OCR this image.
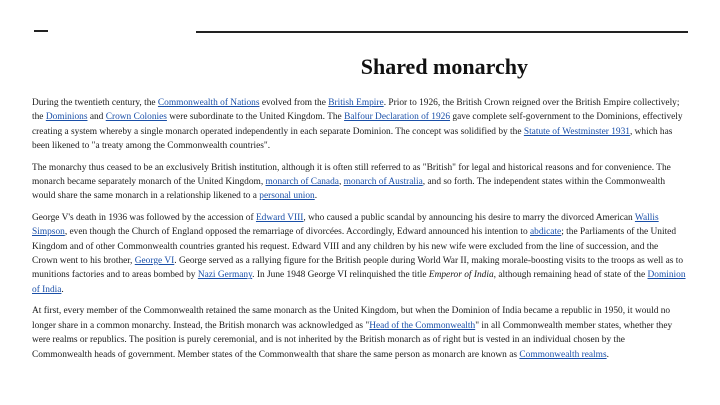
Shared monarchy

During the twentieth century, the Commonwealth of Nations evolved from the British Empire. Prior to 1926, the British Crown reigned over the British Empire collectively; the Dominions and Crown Colonies were subordinate to the United Kingdom. The Balfour Declaration of 1926 gave complete self-government to the Dominions, effectively creating a system whereby a single monarch operated independently in each separate Dominion. The concept was solidified by the Statute of Westminster 1931, which has been likened to "a treaty among the Commonwealth countries".

The monarchy thus ceased to be an exclusively British institution, although it is often still referred to as "British" for legal and historical reasons and for convenience. The monarch became separately monarch of the United Kingdom, monarch of Canada, monarch of Australia, and so forth. The independent states within the Commonwealth would share the same monarch in a relationship likened to a personal union.

George V's death in 1936 was followed by the accession of Edward VIII, who caused a public scandal by announcing his desire to marry the divorced American Wallis Simpson, even though the Church of England opposed the remarriage of divorcées. Accordingly, Edward announced his intention to abdicate; the Parliaments of the United Kingdom and of other Commonwealth countries granted his request. Edward VIII and any children by his new wife were excluded from the line of succession, and the Crown went to his brother, George VI. George served as a rallying figure for the British people during World War II, making morale-boosting visits to the troops as well as to munitions factories and to areas bombed by Nazi Germany. In June 1948 George VI relinquished the title Emperor of India, although remaining head of state of the Dominion of India.

At first, every member of the Commonwealth retained the same monarch as the United Kingdom, but when the Dominion of India became a republic in 1950, it would no longer share in a common monarchy. Instead, the British monarch was acknowledged as "Head of the Commonwealth" in all Commonwealth member states, whether they were realms or republics. The position is purely ceremonial, and is not inherited by the British monarch as of right but is vested in an individual chosen by the Commonwealth heads of government. Member states of the Commonwealth that share the same person as monarch are known as Commonwealth realms.
